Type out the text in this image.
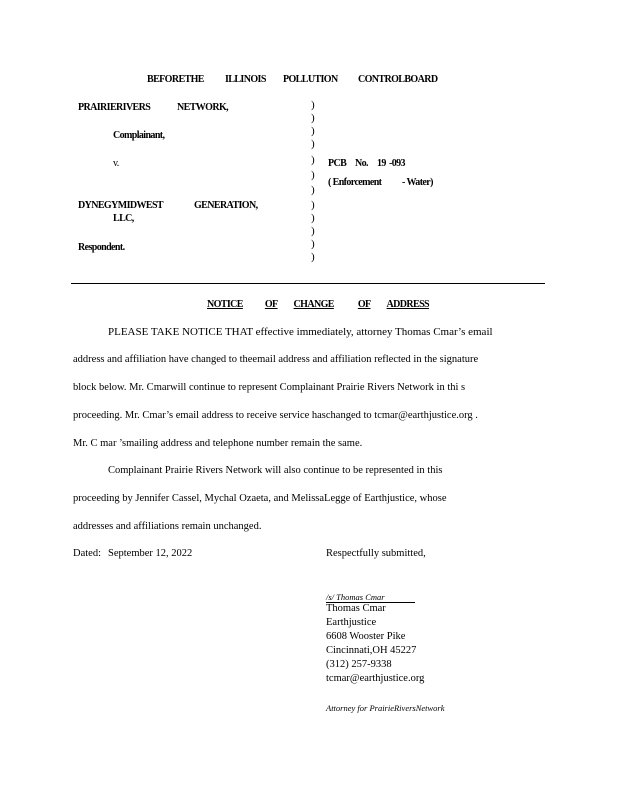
BEFORETHE ILLINOIS POLLUTION CONTROLBOARD
PRAIRIERIVERS	NETWORK,
Complainant,
v.
DYNEGYMIDWEST	GENERATION,
LLC,
Respondent.
)
)
)
)
)
)
)
)
)
)
)
)
PCB No. 19 -093
( Enforcement - Water)
NOTICE OF CHANGE OF ADDRESS
PLEASE TAKE NOTICE THAT effective immediately, attorney Thomas Cmar’s email
address and affiliation have changed to theemail address and affiliation reflected in the signature
block below. Mr. Cmarwill continue to represent Complainant Prairie Rivers Network in thi s
proceeding. Mr. Cmar’s email address to receive service haschanged to tcmar@earthjustice.org .
Mr. C mar ’smailing address and telephone number remain the same.
Complainant Prairie Rivers Network will also continue to be represented in this
proceeding by Jennifer Cassel, Mychal Ozaeta, and MelissaLegge of Earthjustice, whose
addresses and affiliations remain unchanged.
Dated: September 12, 2022	Respectfully submitted,
/s/ Thomas Cmar
Thomas Cmar
Earthjustice
6608 Wooster Pike
Cincinnati,OH 45227
(312) 257-9338
tcmar@earthjustice.org
Attorney for PrairieRiversNetwork
